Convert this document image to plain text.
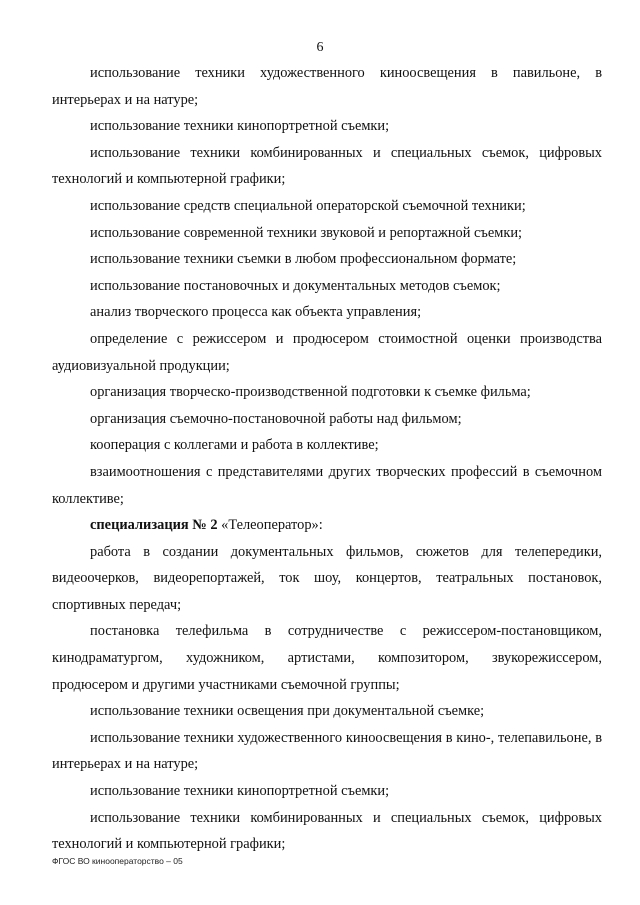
6

использование техники художественного киноосвещения в павильоне, в интерьерах и на натуре;

использование техники кинопортретной съемки;

использование техники комбинированных и специальных съемок, цифровых технологий и компьютерной графики;

использование средств специальной операторской съемочной техники;

использование современной техники звуковой и репортажной съемки;

использование техники съемки в любом профессиональном формате;

использование постановочных и документальных методов съемок;

анализ творческого процесса как объекта управления;

определение с режиссером и продюсером стоимостной оценки производства аудиовизуальной продукции;

организация творческо-производственной подготовки к съемке фильма;

организация съемочно-постановочной работы над фильмом;

кооперация с коллегами и работа в коллективе;

взаимоотношения с представителями других творческих профессий в съемочном коллективе;

специализация № 2 «Телеоператор»:

работа в создании документальных фильмов, сюжетов для телепередики, видеоочерков, видеорепортажей, ток шоу, концертов, театральных постановок, спортивных передач;

постановка телефильма в сотрудничестве с режиссером-постановщиком, кинодраматургом, художником, артистами, композитором, звукорежиссером, продюсером и другими участниками съемочной группы;

использование техники освещения при документальной съемке;

использование техники художественного киноосвещения в кино-, телепавильоне, в интерьерах и на натуре;

использование техники кинопортретной съемки;

использование техники комбинированных и специальных съемок, цифровых технологий и компьютерной графики;

ФГОС ВО кинооператорство – 05
